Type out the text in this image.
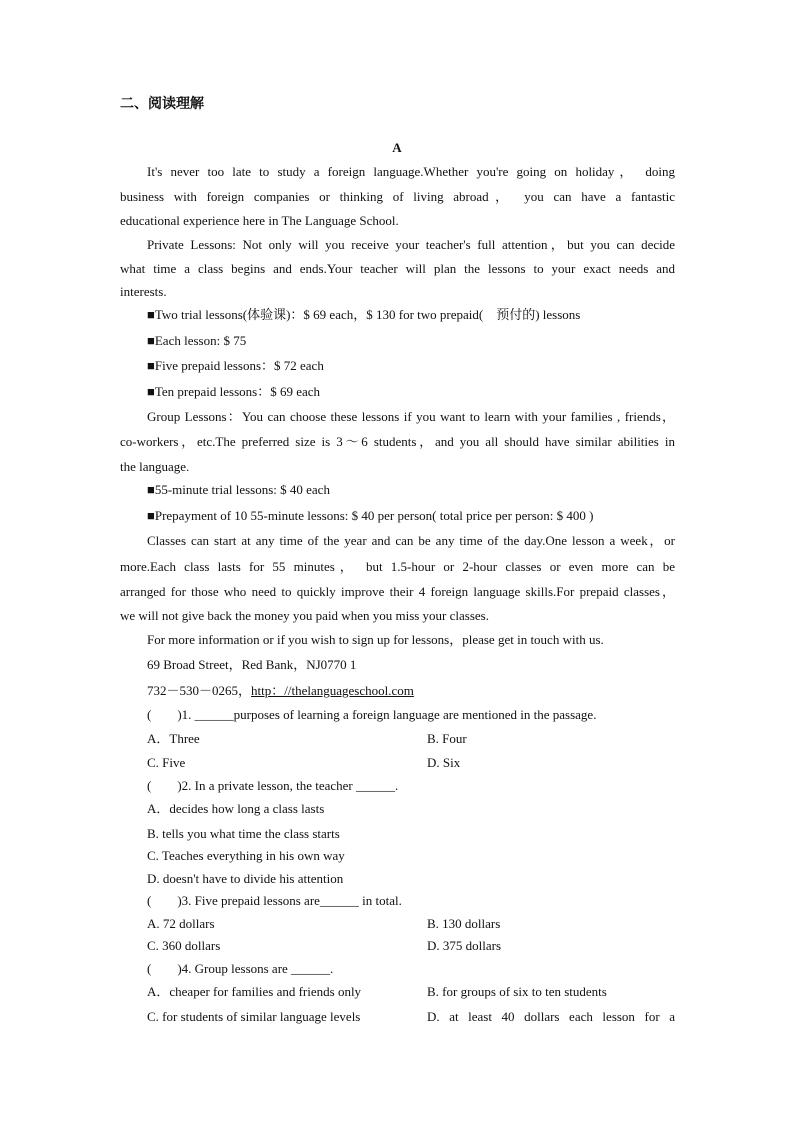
二、阅读理解
A
It's never too late to study a foreign language.Whether you're going on holiday， doing
business with foreign companies or thinking of living abroad， you can have a fantastic
educational experience here in The Language School.
Private Lessons: Not only will you receive your teacher's full attention，but you can decide
what time a class begins and ends.Your teacher will plan the lessons to your exact needs and
interests.
■Two trial lessons(体验课)：$ 69 each，$ 130 for two prepaid(　预付的) lessons
■Each lesson: $ 75
■Five prepaid lessons：$ 72 each
■Ten prepaid lessons：$ 69 each
Group Lessons：You can choose these lessons if you want to learn with your families , friends，
co-workers，etc.The preferred size is 3～6 students，and you all should have similar abilities in
the language.
■55-minute trial lessons: $ 40 each
■Prepayment of 10 55-minute lessons: $ 40 per person( total price per person: $ 400 )
Classes can start at any time of the year and can be any time of the day.One lesson a week，or
more.Each class lasts for 55 minutes， but 1.5-hour or 2-hour classes or even more can be
arranged for those who need to quickly improve their 4 foreign language skills.For prepaid classes，
we will not give back the money you paid when you miss your classes.
For more information or if you wish to sign up for lessons，please get in touch with us.
69 Broad Street，Red Bank，NJ0770 1
732－530－0265，http：//thelanguageschool.com
(　　)1. ______purposes of learning a foreign language are mentioned in the passage.
A．Three	B. Four
C. Five	D. Six
(　　)2. In a private lesson, the teacher ______.
A．decides how long a class lasts
B. tells you what time the class starts
C. Teaches everything in his own way
D. doesn't have to divide his attention
(　　)3. Five prepaid lessons are______ in total.
A. 72 dollars	B. 130 dollars
C. 360 dollars	D. 375 dollars
(　　)4. Group lessons are ______.
A．cheaper for families and friends only	B. for groups of six to ten students
C. for students of similar language levels	D. at least 40 dollars each lesson for a
